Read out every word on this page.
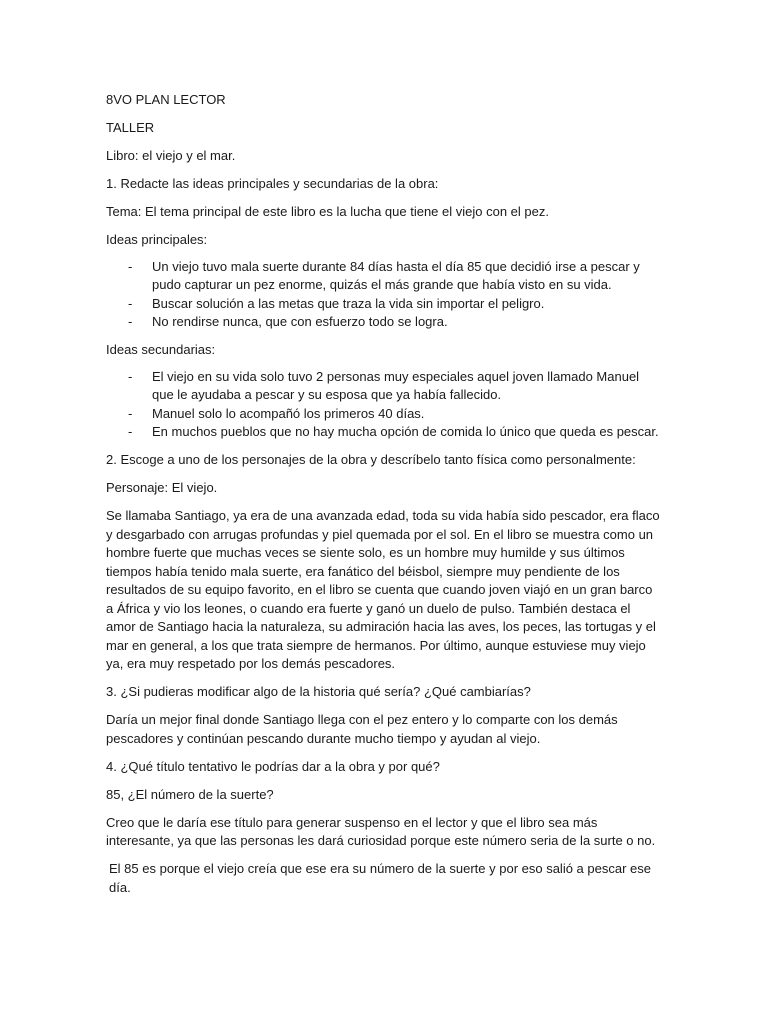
8VO PLAN LECTOR

TALLER

Libro: el viejo y el mar.

1. Redacte las ideas principales y secundarias de la obra:

Tema: El tema principal de este libro es la lucha que tiene el viejo con el pez.

Ideas principales:

- Un viejo tuvo mala suerte durante 84 días hasta el día 85 que decidió irse a pescar y pudo capturar un pez enorme, quizás el más grande que había visto en su vida.
- Buscar solución a las metas que traza la vida sin importar el peligro.
- No rendirse nunca, que con esfuerzo todo se logra.

Ideas secundarias:

- El viejo en su vida solo tuvo 2 personas muy especiales aquel joven llamado Manuel que le ayudaba a pescar y su esposa que ya había fallecido.
- Manuel solo lo acompañó los primeros 40 días.
- En muchos pueblos que no hay mucha opción de comida lo único que queda es pescar.

2. Escoge a uno de los personajes de la obra y descríbelo tanto física como personalmente:

Personaje: El viejo.

Se llamaba Santiago, ya era de una avanzada edad, toda su vida había sido pescador, era flaco y desgarbado con arrugas profundas y piel quemada por el sol. En el libro se muestra como un hombre fuerte que muchas veces se siente solo, es un hombre muy humilde y sus últimos tiempos había tenido mala suerte, era fanático del béisbol, siempre muy pendiente de los resultados de su equipo favorito, en el libro se cuenta que cuando joven viajó en un gran barco a África y vio los leones, o cuando era fuerte y ganó un duelo de pulso. También destaca el amor de Santiago hacia la naturaleza, su admiración hacia las aves, los peces, las tortugas y el mar en general, a los que trata siempre de hermanos. Por último, aunque estuviese muy viejo ya, era muy respetado por los demás pescadores.

3. ¿Si pudieras modificar algo de la historia qué sería? ¿Qué cambiarías?

Daría un mejor final donde Santiago llega con el pez entero y lo comparte con los demás pescadores y continúan pescando durante mucho tiempo y ayudan al viejo.

4. ¿Qué título tentativo le podrías dar a la obra y por qué?

85, ¿El número de la suerte?

Creo que le daría ese título para generar suspenso en el lector y que el libro sea más interesante, ya que las personas les dará curiosidad porque este número seria de la surte o no.

El 85 es porque el viejo creía que ese era su número de la suerte y por eso salió a pescar ese día.
